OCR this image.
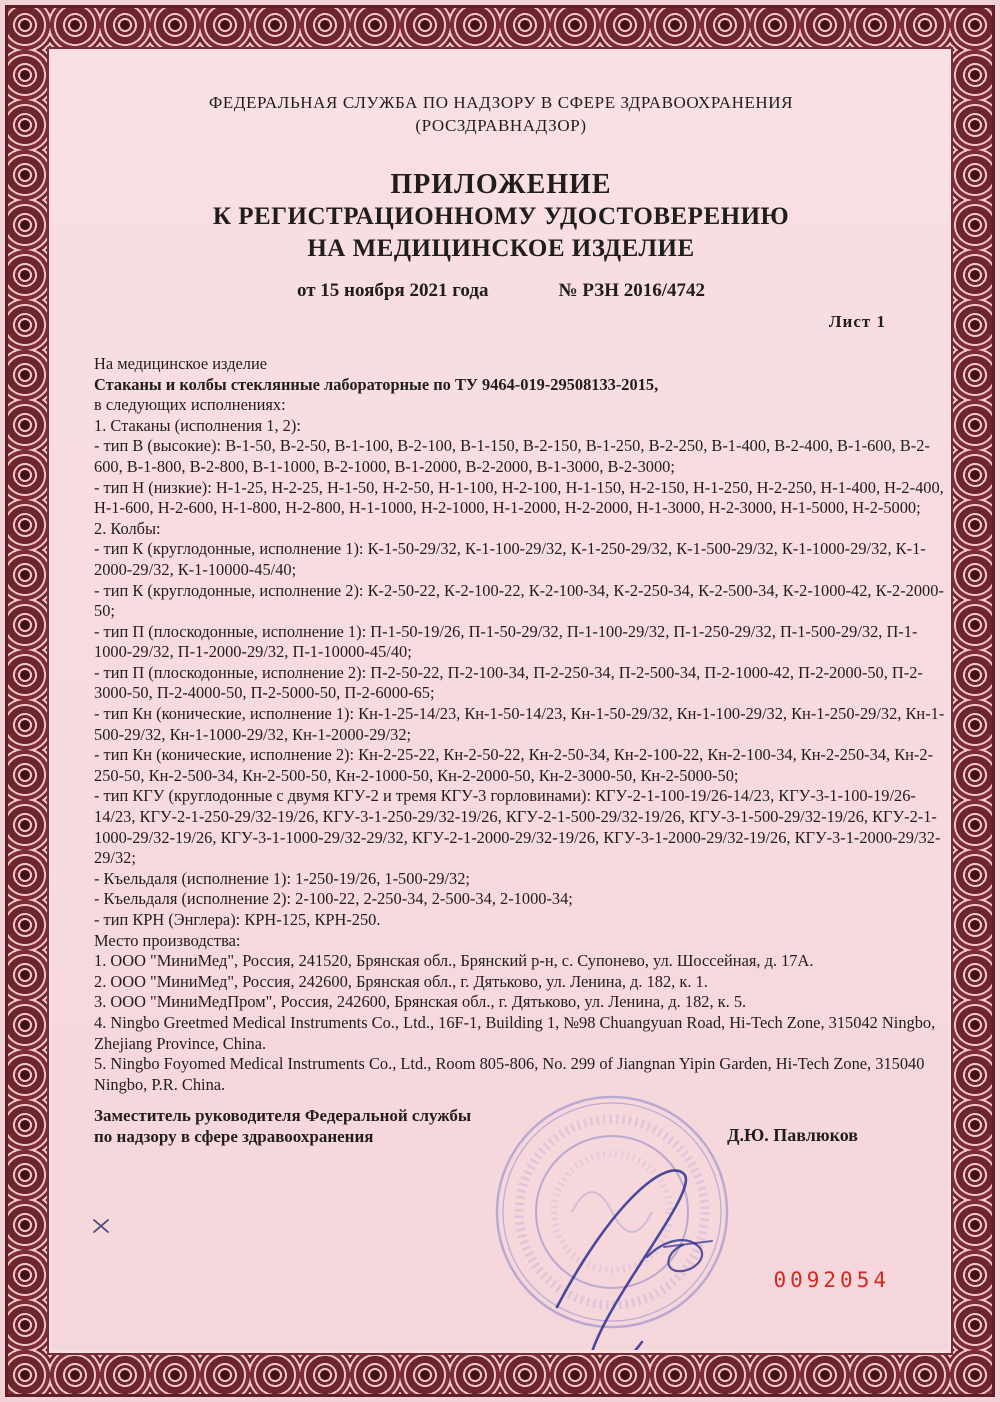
ФЕДЕРАЛЬНАЯ СЛУЖБА ПО НАДЗОРУ В СФЕРЕ ЗДРАВООХРАНЕНИЯ
(РОСЗДРАВНАДЗОР)
ПРИЛОЖЕНИЕ
К РЕГИСТРАЦИОННОМУ УДОСТОВЕРЕНИЮ
НА МЕДИЦИНСКОЕ ИЗДЕЛИЕ
от 15 ноября 2021 года	№ РЗН 2016/4742
Лист 1

На медицинское изделие

Стаканы и колбы стеклянные лабораторные по ТУ 9464-019-29508133-2015,

в следующих исполнениях:

1. Стаканы (исполнения 1, 2):

- тип В (высокие): В-1-50, В-2-50, В-1-100, В-2-100, В-1-150, В-2-150, В-1-250, В-2-250, В-1-400, В-2-400, В-1-600, В-2-600, В-1-800, В-2-800, В-1-1000, В-2-1000, В-1-2000, В-2-2000, В-1-3000, В-2-3000;

- тип Н (низкие): Н-1-25, Н-2-25, Н-1-50, Н-2-50, Н-1-100, Н-2-100, Н-1-150, Н-2-150, Н-1-250, Н-2-250, Н-1-400, Н-2-400, Н-1-600, Н-2-600, Н-1-800, Н-2-800, Н-1-1000, Н-2-1000, Н-1-2000, Н-2-2000, Н-1-3000, Н-2-3000, Н-1-5000, Н-2-5000;

2. Колбы:

- тип К (круглодонные, исполнение 1): К-1-50-29/32, К-1-100-29/32, К-1-250-29/32, К-1-500-29/32, К-1-1000-29/32, К-1-2000-29/32, К-1-10000-45/40;

- тип К (круглодонные, исполнение 2): К-2-50-22, К-2-100-22, К-2-100-34, К-2-250-34, К-2-500-34, К-2-1000-42, К-2-2000-50;

- тип П (плоскодонные, исполнение 1): П-1-50-19/26, П-1-50-29/32, П-1-100-29/32, П-1-250-29/32, П-1-500-29/32, П-1-1000-29/32, П-1-2000-29/32, П-1-10000-45/40;

- тип П (плоскодонные, исполнение 2): П-2-50-22, П-2-100-34, П-2-250-34, П-2-500-34, П-2-1000-42, П-2-2000-50, П-2-3000-50, П-2-4000-50, П-2-5000-50, П-2-6000-65;

- тип Кн (конические, исполнение 1): Кн-1-25-14/23, Кн-1-50-14/23, Кн-1-50-29/32, Кн-1-100-29/32, Кн-1-250-29/32, Кн-1- 500-29/32, Кн-1-1000-29/32, Кн-1-2000-29/32;

- тип Кн (конические, исполнение 2): Кн-2-25-22, Кн-2-50-22, Кн-2-50-34, Кн-2-100-22, Кн-2-100-34, Кн-2-250-34, Кн-2-250-50, Кн-2-500-34, Кн-2-500-50, Кн-2-1000-50, Кн-2-2000-50, Кн-2-3000-50, Кн-2-5000-50;

- тип КГУ (круглодонные с двумя КГУ-2 и тремя КГУ-3 горловинами): КГУ-2-1-100-19/26-14/23, КГУ-3-1-100-19/26-14/23, КГУ-2-1-250-29/32-19/26, КГУ-3-1-250-29/32-19/26, КГУ-2-1-500-29/32-19/26, КГУ-3-1-500-29/32-19/26, КГУ-2-1-1000-29/32-19/26, КГУ-3-1-1000-29/32-29/32, КГУ-2-1-2000-29/32-19/26, КГУ-3-1-2000-29/32-19/26, КГУ-3-1-2000-29/32-29/32;

- Къельдаля (исполнение 1): 1-250-19/26, 1-500-29/32;

- Къельдаля (исполнение 2): 2-100-22, 2-250-34, 2-500-34, 2-1000-34;

- тип КРН (Энглера): КРН-125, КРН-250.

Место производства:

1. ООО "МиниМед", Россия, 241520, Брянская обл., Брянский р-н, с. Супонево, ул. Шоссейная, д. 17А.

2. ООО "МиниМед", Россия, 242600, Брянская обл., г. Дятьково, ул. Ленина, д. 182, к. 1.

3. ООО "МиниМедПром", Россия, 242600, Брянская обл., г. Дятьково, ул. Ленина, д. 182, к. 5.

4. Ningbo Greetmed Medical Instruments Co., Ltd., 16F-1, Building 1, №98 Chuangyuan Road, Hi-Tech Zone, 315042 Ningbo, Zhejiang Province, China.

5. Ningbo Foyomed Medical Instruments Co., Ltd., Room 805-806, No. 299 of Jiangnan Yipin Garden, Hi-Tech Zone, 315040 Ningbo, P.R. China.

Заместитель руководителя Федеральной службы
по надзору в сфере здравоохранения	Д.Ю. Павлюков
0092054
